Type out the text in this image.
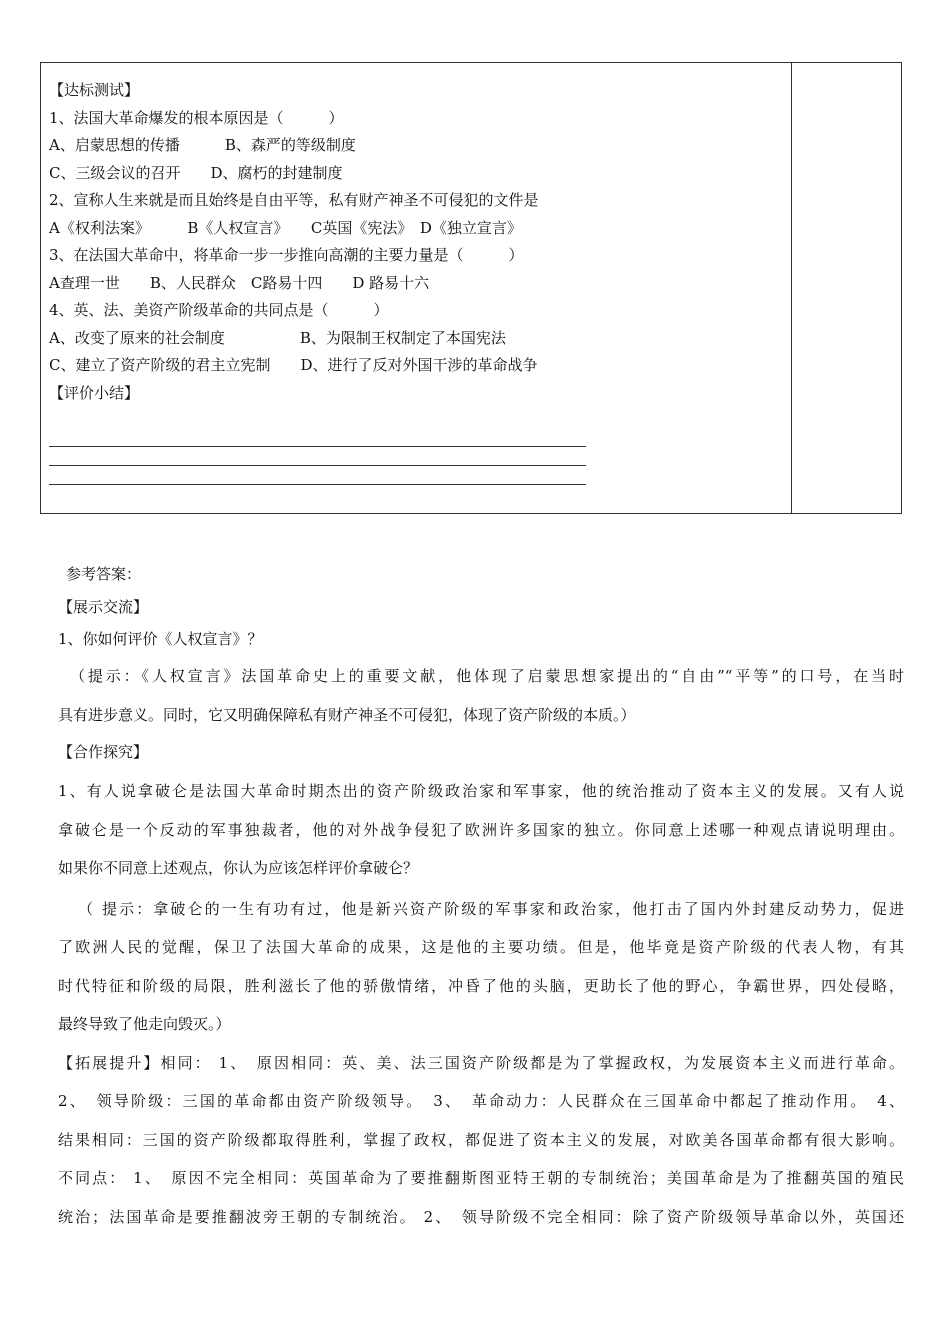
【达标测试】
1、法国大革命爆发的根本原因是（　　　）
A、启蒙思想的传播　　　B、森严的等级制度
C、三级会议的召开　　D、腐朽的封建制度
2、宣称人生来就是而且始终是自由平等，私有财产神圣不可侵犯的文件是
A《权利法案》　　　B《人权宣言》　　C英国《宪法》　D《独立宣言》
3、在法国大革命中，将革命一步一步推向高潮的主要力量是（　　　）
A查理一世　　B、人民群众　C路易十四　　D 路易十六
4、英、法、美资产阶级革命的共同点是（　　　）
A、改变了原来的社会制度　　　　　B、为限制王权制定了本国宪法
C、建立了资产阶级的君主立宪制　　D、进行了反对外国干涉的革命战争
【评价小结】
参考答案：
【展示交流】
1、你如何评价《人权宣言》？

（提示：《人权宣言》法国革命史上的重要文献，他体现了启蒙思想家提出的“自由”“平等”的口号，在当时

具有进步意义。同时，它又明确保障私有财产神圣不可侵犯，体现了资产阶级的本质。）

【合作探究】

1、有人说拿破仑是法国大革命时期杰出的资产阶级政治家和军事家，他的统治推动了资本主义的发展。又有人说

拿破仑是一个反动的军事独裁者，他的对外战争侵犯了欧洲许多国家的独立。你同意上述哪一种观点请说明理由。

如果你不同意上述观点，你认为应该怎样评价拿破仑？

（ 提示：拿破仑的一生有功有过，他是新兴资产阶级的军事家和政治家，他打击了国内外封建反动势力，促进

了欧洲人民的觉醒，保卫了法国大革命的成果，这是他的主要功绩。但是，他毕竟是资产阶级的代表人物，有其

时代特征和阶级的局限，胜利滋长了他的骄傲情绪，冲昏了他的头脑，更助长了他的野心，争霸世界，四处侵略，

最终导致了他走向毁灭。）

【拓展提升】相同： 1、　原因相同：英、美、法三国资产阶级都是为了掌握政权，为发展资本主义而进行革命。

2、　领导阶级：三国的革命都由资产阶级领导。　3、　革命动力：人民群众在三国革命中都起了推动作用。　4、

结果相同：三国的资产阶级都取得胜利，掌握了政权，都促进了资本主义的发展，对欧美各国革命都有很大影响。

不同点： 1、　原因不完全相同：英国革命为了要推翻斯图亚特王朝的专制统治；美国革命是为了推翻英国的殖民

统治；法国革命是要推翻波旁王朝的专制统治。 2、　领导阶级不完全相同：除了资产阶级领导革命以外，英国还
